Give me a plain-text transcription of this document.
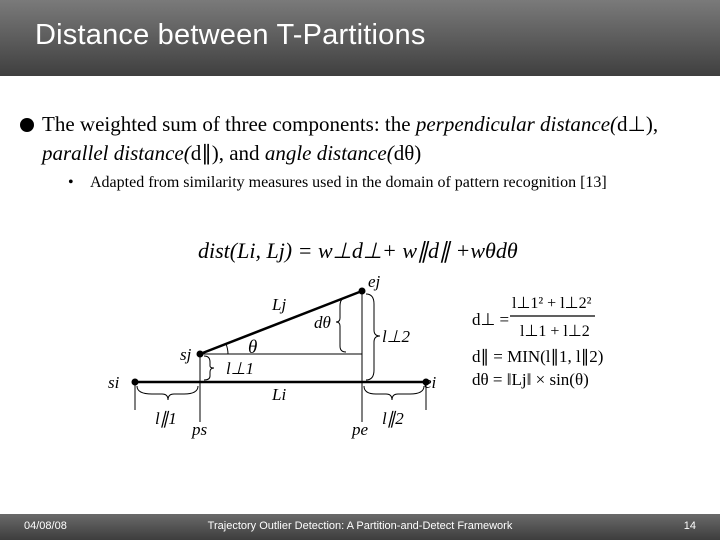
Distance between T-Partitions
The weighted sum of three components: the perpendicular distance(d⊥), parallel distance(d∥), and angle distance(dθ)
• Adapted from similarity measures used in the domain of pattern recognition [13]
dist(Li, Lj) = w⊥d⊥+ w∥d∥ +wθdθ
ej
Lj
dθ
l⊥2
sj	θ
l⊥1
si	ei
Li
l∥1
ps	pe
l∥2
d⊥ =
l⊥1² + l⊥2²
l⊥1 + l⊥2
d∥ = MIN(l∥1, l∥2)
dθ = ‖Lj‖ × sin(θ)
04/08/08	Trajectory Outlier Detection: A Partition-and-Detect Framework	14
